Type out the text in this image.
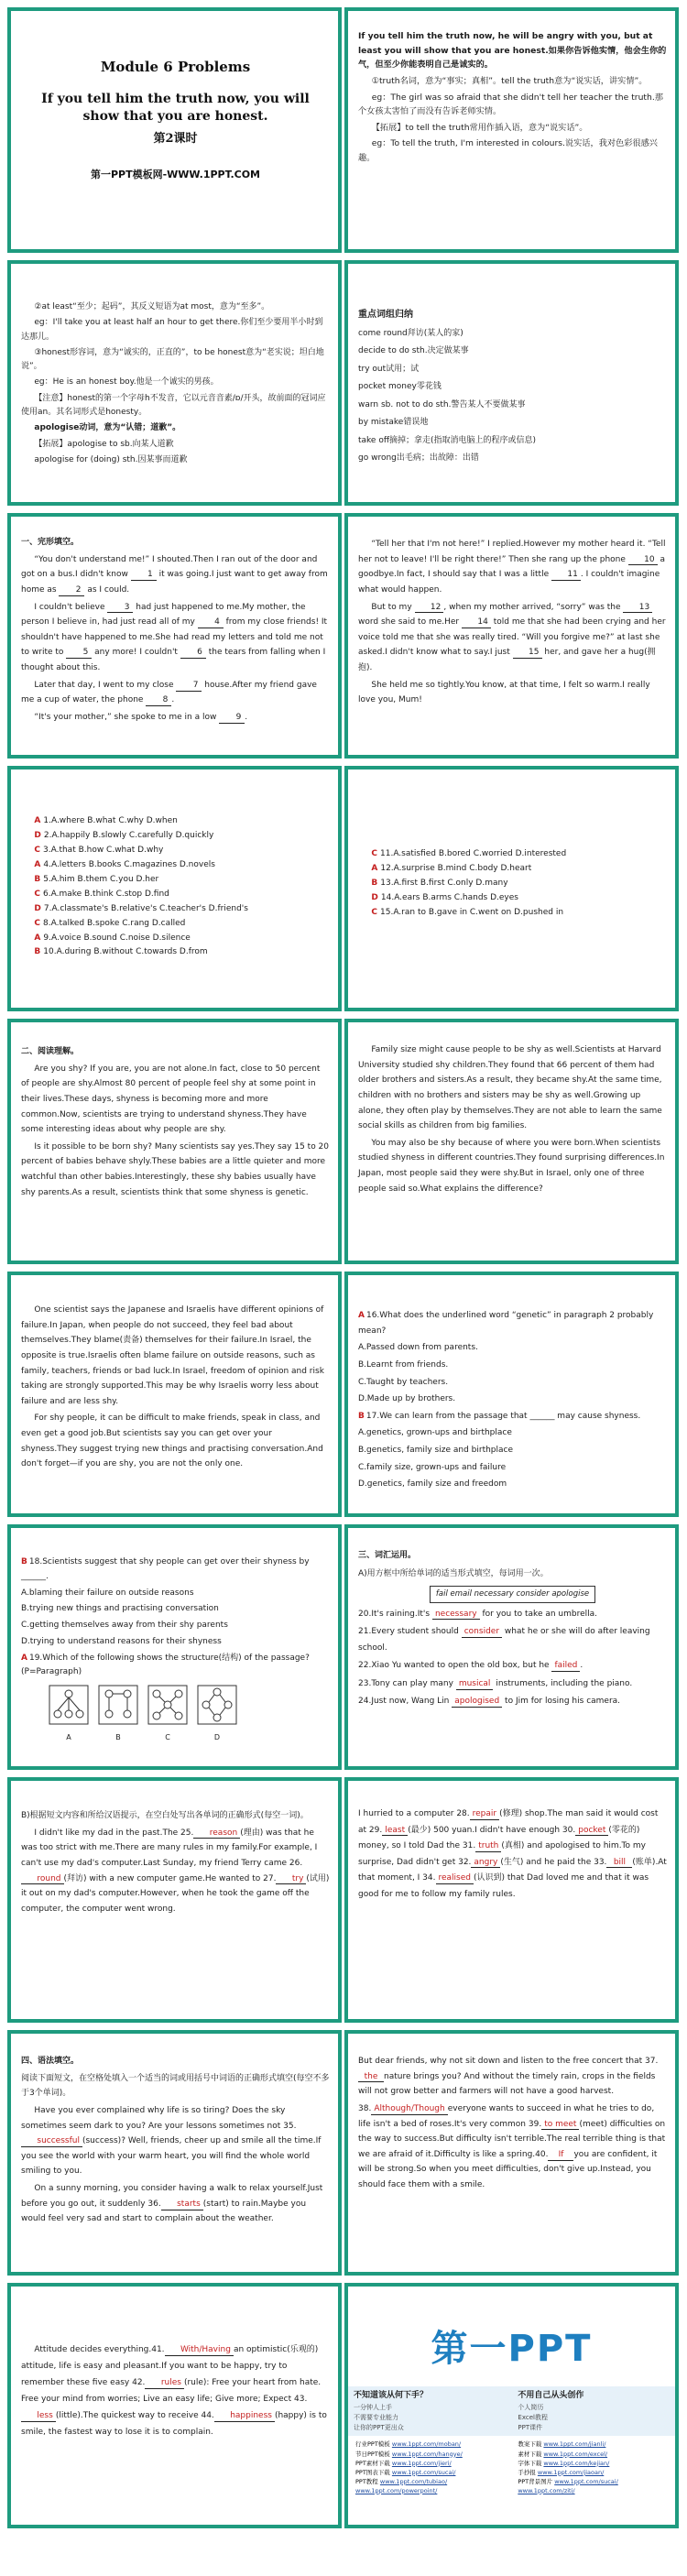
Module 6 Problems
If you tell him the truth now, you will show that you are honest.
第2课时
第一PPT模板网-WWW.1PPT.COM

If you tell him the truth now, he will be angry with you, but at least you will show that you are honest.如果你告诉他实情，他会生你的气，但至少你能表明自己是诚实的。

①truth名词，意为“事实；真相”。tell the truth意为“说实话，讲实情”。

eg：The girl was so afraid that she didn't tell her teacher the truth.那个女孩太害怕了而没有告诉老师实情。

【拓展】to tell the truth常用作插入语，意为“说实话”。

eg：To tell the truth, I'm interested in colours.说实话，我对色彩很感兴趣。

②at least“至少；起码”，其反义短语为at most，意为“至多”。

eg：I'll take you at least half an hour to get there.你们至少要用半小时到达那儿。

③honest形容词，意为“诚实的，正直的”，to be honest意为“老实说；坦白地说”。

eg：He is an honest boy.他是一个诚实的男孩。

【注意】honest的第一个字母h不发音，它以元音音素/ɒ/开头，故前面的冠词应使用an。其名词形式是honesty。

apologise动词，意为“认错；道歉”。

【拓展】apologise to sb.向某人道歉

apologise for (doing) sth.因某事而道歉

重点词组归纳

come round拜访(某人的家)

decide to do sth.决定做某事

try out试用；试

pocket money零花钱

warn sb. not to do sth.警告某人不要做某事

by mistake错误地

take off摘掉；拿走(指取消电脑上的程序或信息)

go wrong出毛病；出故障：出错

一、完形填空。

“You don't understand me!” I shouted.Then I ran out of the door and got on a bus.I didn't know 1 it was going.I just want to get away from home as 2 as I could.

I couldn't believe 3 had just happened to me.My mother, the person I believe in, had just read all of my 4 from my close friends! It shouldn't have happened to me.She had read my letters and told me not to write to 5 any more! I couldn't 6 the tears from falling when I thought about this.

Later that day, I went to my close 7 house.After my friend gave me a cup of water, the phone 8 .

“It's your mother,” she spoke to me in a low 9 .

“Tell her that I'm not here!” I replied.However my mother heard it. “Tell her not to leave! I'll be right there!” Then she rang up the phone 10 a goodbye.In fact, I should say that I was a little 11 . I couldn't imagine what would happen.

But to my 12 , when my mother arrived, “sorry” was the 13 word she said to me.Her 14 told me that she had been crying and her voice told me that she was really tired. “Will you forgive me?” at last she asked.I didn't know what to say.I just 15 her, and gave her a hug(拥抱).

She held me so tightly.You know, at that time, I felt so warm.I really love you, Mum!

A 1.A.where B.what C.why D.when

D 2.A.happily B.slowly C.carefully D.quickly

C 3.A.that B.how C.what D.why

A 4.A.letters B.books C.magazines D.novels

B 5.A.him B.them C.you D.her

C 6.A.make B.think C.stop D.find

D 7.A.classmate's B.relative's C.teacher's D.friend's

C 8.A.talked B.spoke C.rang D.called

A 9.A.voice B.sound C.noise D.silence

B 10.A.during B.without C.towards D.from

C 11.A.satisfied B.bored C.worried D.interested

A 12.A.surprise B.mind C.body D.heart

B 13.A.first B.first C.only D.many

D 14.A.ears B.arms C.hands D.eyes

C 15.A.ran to B.gave in C.went on D.pushed in

二、阅读理解。

Are you shy? If you are, you are not alone.In fact, close to 50 percent of people are shy.Almost 80 percent of people feel shy at some point in their lives.These days, shyness is becoming more and more common.Now, scientists are trying to understand shyness.They have some interesting ideas about why people are shy.

Is it possible to be born shy? Many scientists say yes.They say 15 to 20 percent of babies behave shyly.These babies are a little quieter and more watchful than other babies.Interestingly, these shy babies usually have shy parents.As a result, scientists think that some shyness is genetic.

Family size might cause people to be shy as well.Scientists at Harvard University studied shy children.They found that 66 percent of them had older brothers and sisters.As a result, they became shy.At the same time, children with no brothers and sisters may be shy as well.Growing up alone, they often play by themselves.They are not able to learn the same social skills as children from big families.

You may also be shy because of where you were born.When scientists studied shyness in different countries.They found surprising differences.In Japan, most people said they were shy.But in Israel, only one of three people said so.What explains the difference?

One scientist says the Japanese and Israelis have different opinions of failure.In Japan, when people do not succeed, they feel bad about themselves.They blame(责备) themselves for their failure.In Israel, the opposite is true.Israelis often blame failure on outside reasons, such as family, teachers, friends or bad luck.In Israel, freedom of opinion and risk taking are strongly supported.This may be why Israelis worry less about failure and are less shy.

For shy people, it can be difficult to make friends, speak in class, and even get a good job.But scientists say you can get over your shyness.They suggest trying new things and practising conversation.And don't forget—if you are shy, you are not the only one.

A 16.What does the underlined word “genetic” in paragraph 2 probably mean?

A.Passed down from parents.

B.Learnt from friends.

C.Taught by teachers.

D.Made up by brothers.

B 17.We can learn from the passage that ______ may cause shyness.

A.genetics, grown-ups and birthplace

B.genetics, family size and birthplace

C.family size, grown-ups and failure

D.genetics, family size and freedom

B 18.Scientists suggest that shy people can get over their shyness by ______.

A.blaming their failure on outside reasons

B.trying new things and practising conversation

C.getting themselves away from their shy parents

D.trying to understand reasons for their shyness

A 19.Which of the following shows the structure(结构) of the passage? (P=Paragraph)

A	B	C	D

三、词汇运用。

A)用方框中所给单词的适当形式填空，每词用一次。

fail email necessary consider apologise

20.It's raining.It's necessary for you to take an umbrella.

21.Every student should consider what he or she will do after leaving school.

22.Xiao Yu wanted to open the old box, but he failed .

23.Tony can play many musical instruments, including the piano.

24.Just now, Wang Lin apologised to Jim for losing his camera.

B)根据短文内容和所给汉语提示，在空白处写出各单词的正确形式(每空一词)。

I didn't like my dad in the past.The 25. reason (理由) was that he was too strict with me.There are many rules in my family.For example, I can't use my dad's computer.Last Sunday, my friend Terry came 26.round (拜访) with a new computer game.He wanted to 27. try (试用) it out on my dad's computer.However, when he took the game off the computer, the computer went wrong.

I hurried to a computer 28. repair (修理) shop.The man said it would cost at 29. least (最少) 500 yuan.I didn't have enough 30. pocket (零花的) money, so I told Dad the 31. truth (真相) and apologised to him.To my surprise, Dad didn't get 32. angry (生气) and he paid the 33. bill (账单).At that moment, I 34. realised (认识到) that Dad loved me and that it was good for me to follow my family rules.

四、语法填空。

阅读下面短文，在空格处填入一个适当的词或用括号中词语的正确形式填空(每空不多于3个单词)。

Have you ever complained why life is so tiring? Does the sky sometimes seem dark to you? Are your lessons sometimes not 35.successful (success)? Well, friends, cheer up and smile all the time.If you see the world with your warm heart, you will find the whole world smiling to you.

On a sunny morning, you consider having a walk to relax yourself.Just before you go out, it suddenly 36. starts (start) to rain.Maybe you would feel very sad and start to complain about the weather.

But dear friends, why not sit down and listen to the free concert that 37.the nature brings you? And without the timely rain, crops in the fields will not grow better and farmers will not have a good harvest.

38. Although/Though everyone wants to succeed in what he tries to do, life isn't a bed of roses.It's very common 39. to meet (meet) difficulties on the way to success.But difficulty isn't terrible.The real terrible thing is that we are afraid of it.Difficulty is like a spring.40. If you are confident, it will be strong.So when you meet difficulties, don't give up.Instead, you should face them with a smile.

Attitude decides everything.41. With/Having an optimistic(乐观的) attitude, life is easy and pleasant.If you want to be happy, try to remember these five easy 42. rules (rule): Free your heart from hate. Free your mind from worries; Live an easy life; Give more; Expect 43.less (little).The quickest way to receive 44. happiness (happy) is to smile, the fastest way to lose it is to complain.

第一PPT
不知道该从何下手？
一分钟人上手
不需要专业能力
让你的PPT更出众
不用自己从头创作
个人简历
Excel教程
PPT课件
行业PPT模板 www.1ppt.com/moban/
节日PPT模板 www.1ppt.com/hangye/
PPT素材下载 www.1ppt.com/jieri/
PPT图表下载 www.1ppt.com/sucai/
PPT教程 www.1ppt.com/tubiao/
www.1ppt.com/powerpoint/
教案下载 www.1ppt.com/jianli/
素材下载 www.1ppt.com/excel/
字体下载 www.1ppt.com/kejian/
手抄报 www.1ppt.com/jiaoan/
PPT背景图片 www.1ppt.com/sucai/
www.1ppt.com/ziti/
